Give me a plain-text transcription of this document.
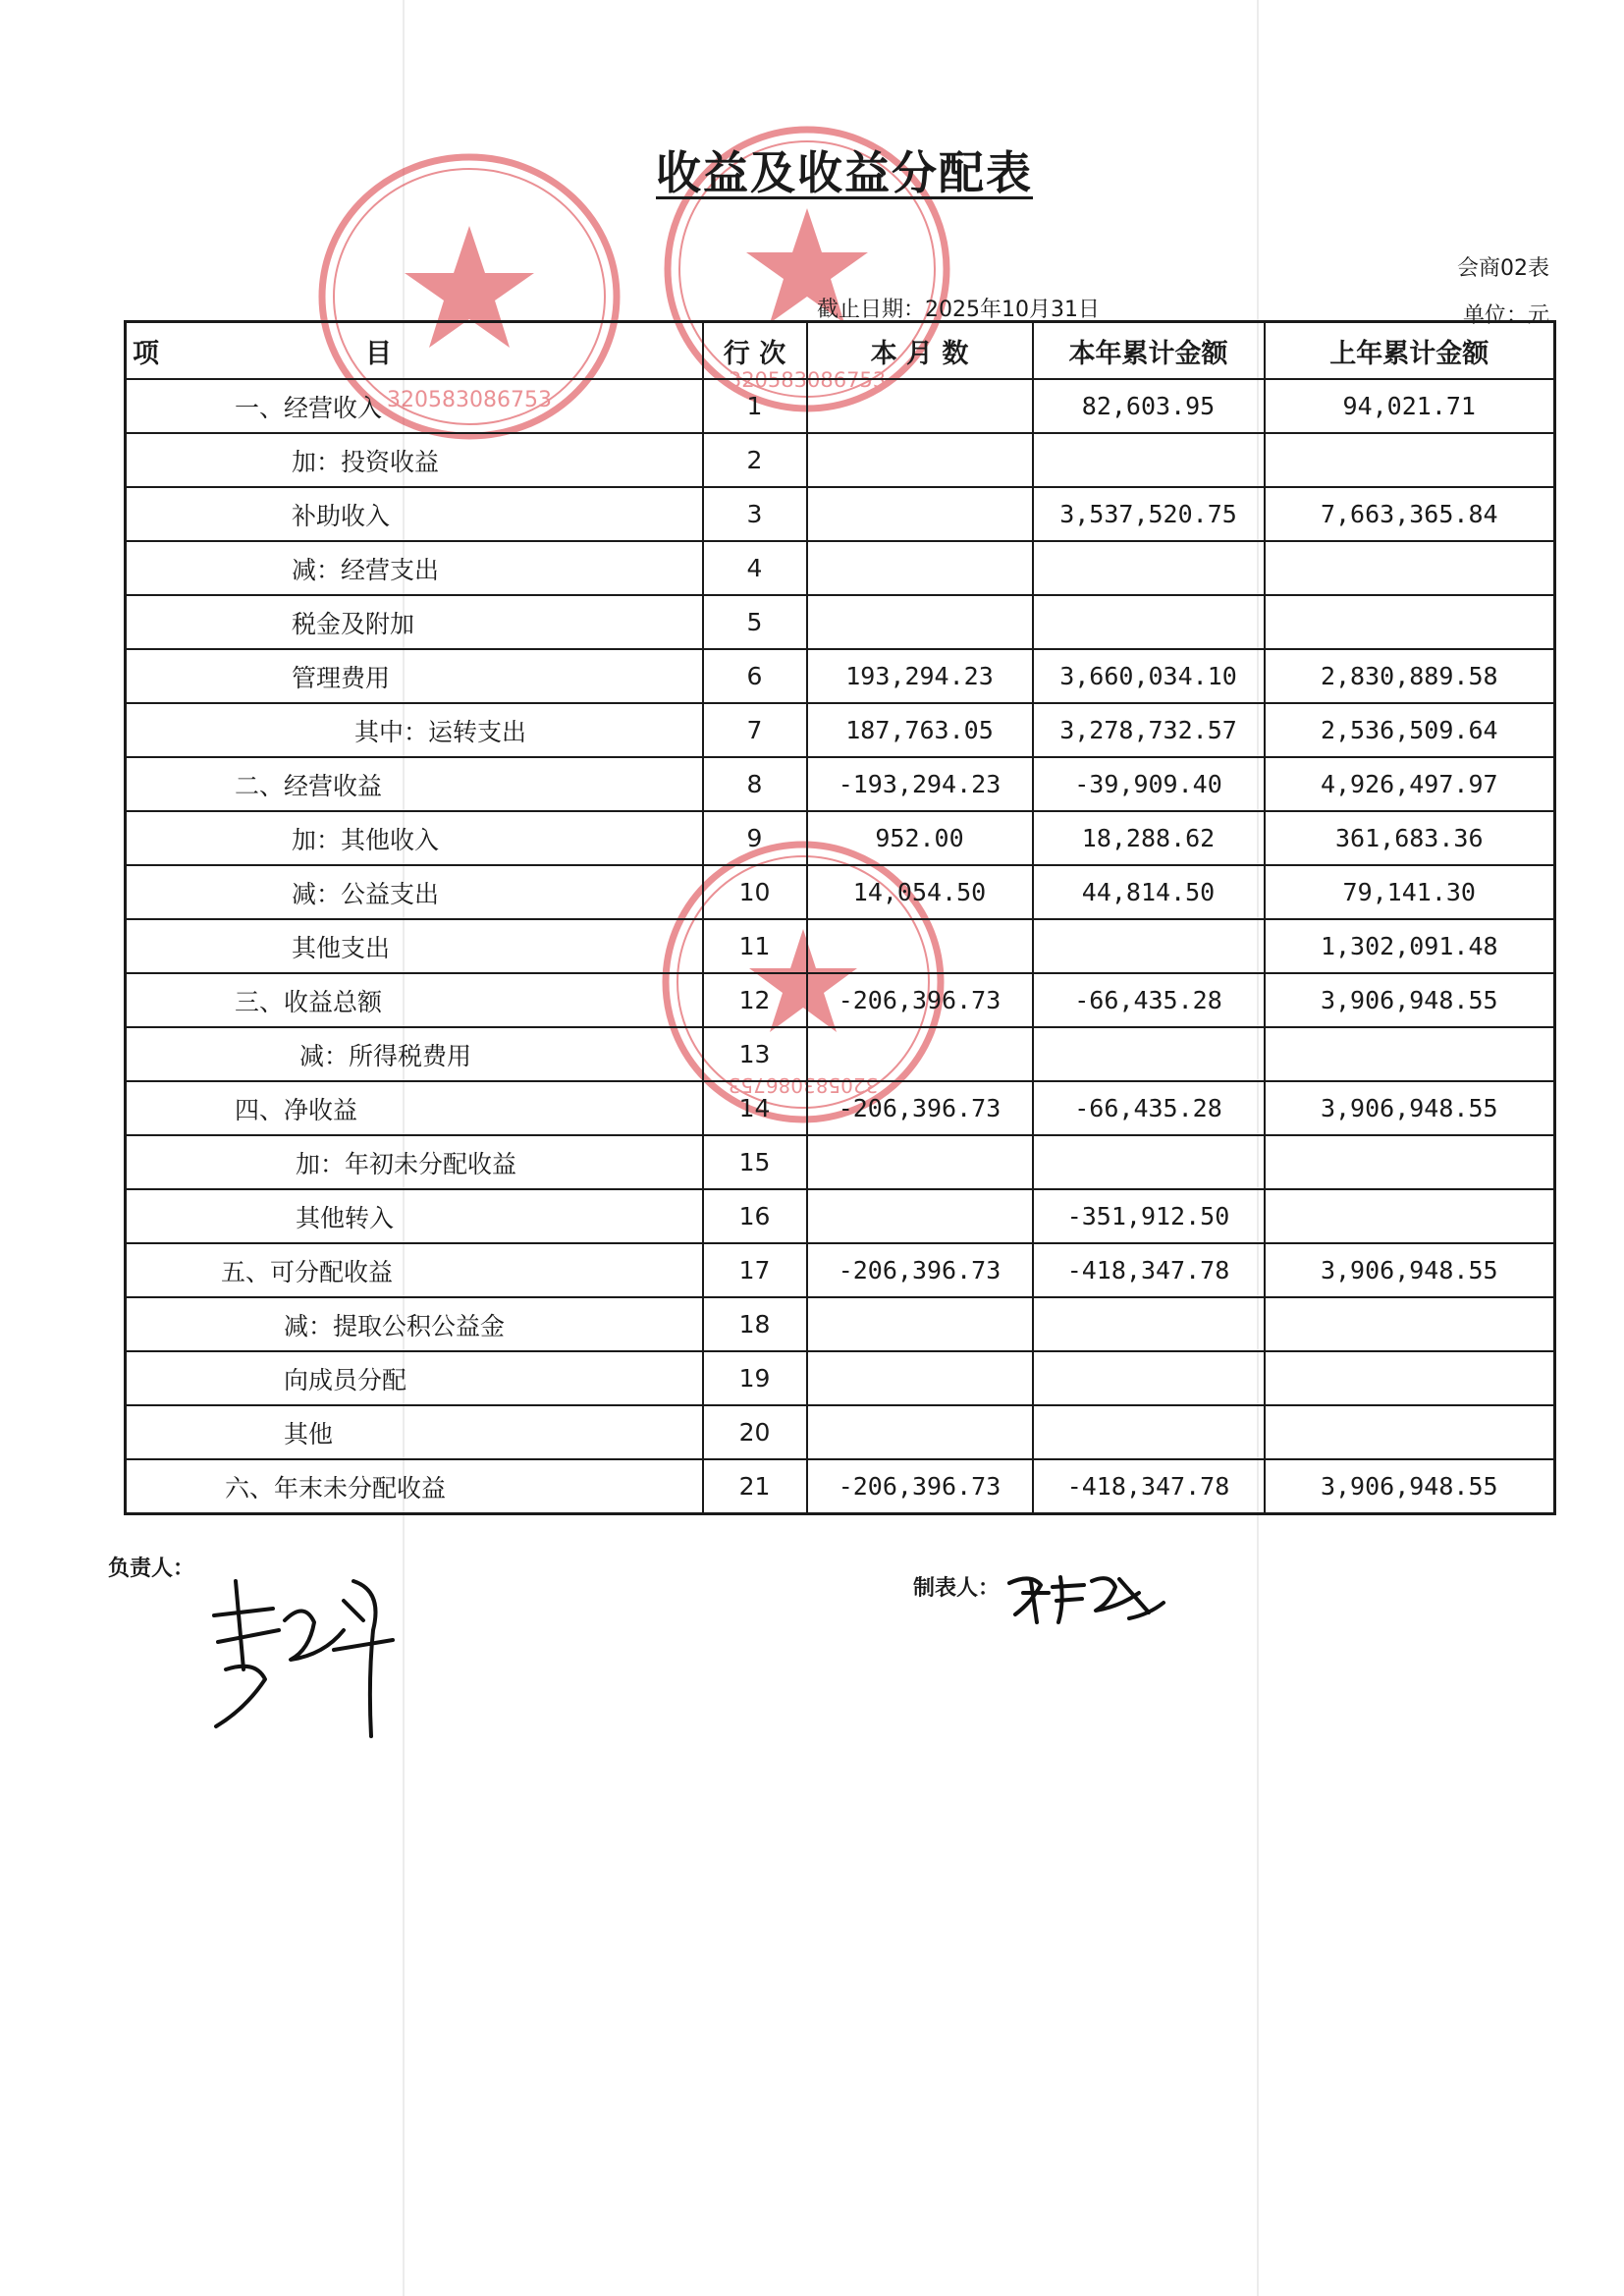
320583086753
320583086753
320583086753
收益及收益分配表
会商02表
截止日期：2025年10月31日	单位：元
项 目	行 次	本 月 数	本年累计金额	上年累计金额
一、经营收入	1		82,603.95	94,021.71
加：投资收益	2			
补助收入	3		3,537,520.75	7,663,365.84
减：经营支出	4			
税金及附加	5			
管理费用	6	193,294.23	3,660,034.10	2,830,889.58
其中：运转支出	7	187,763.05	3,278,732.57	2,536,509.64
二、经营收益	8	-193,294.23	-39,909.40	4,926,497.97
加：其他收入	9	952.00	18,288.62	361,683.36
减：公益支出	10	14,054.50	44,814.50	79,141.30
其他支出	11			1,302,091.48
三、收益总额	12	-206,396.73	-66,435.28	3,906,948.55
减：所得税费用	13			
四、净收益	14	-206,396.73	-66,435.28	3,906,948.55
加：年初未分配收益	15			
其他转入	16		-351,912.50	
五、可分配收益	17	-206,396.73	-418,347.78	3,906,948.55
减：提取公积公益金	18			
向成员分配	19			
其他	20			
六、年末未分配收益	21	-206,396.73	-418,347.78	3,906,948.55
负责人：
制表人：
